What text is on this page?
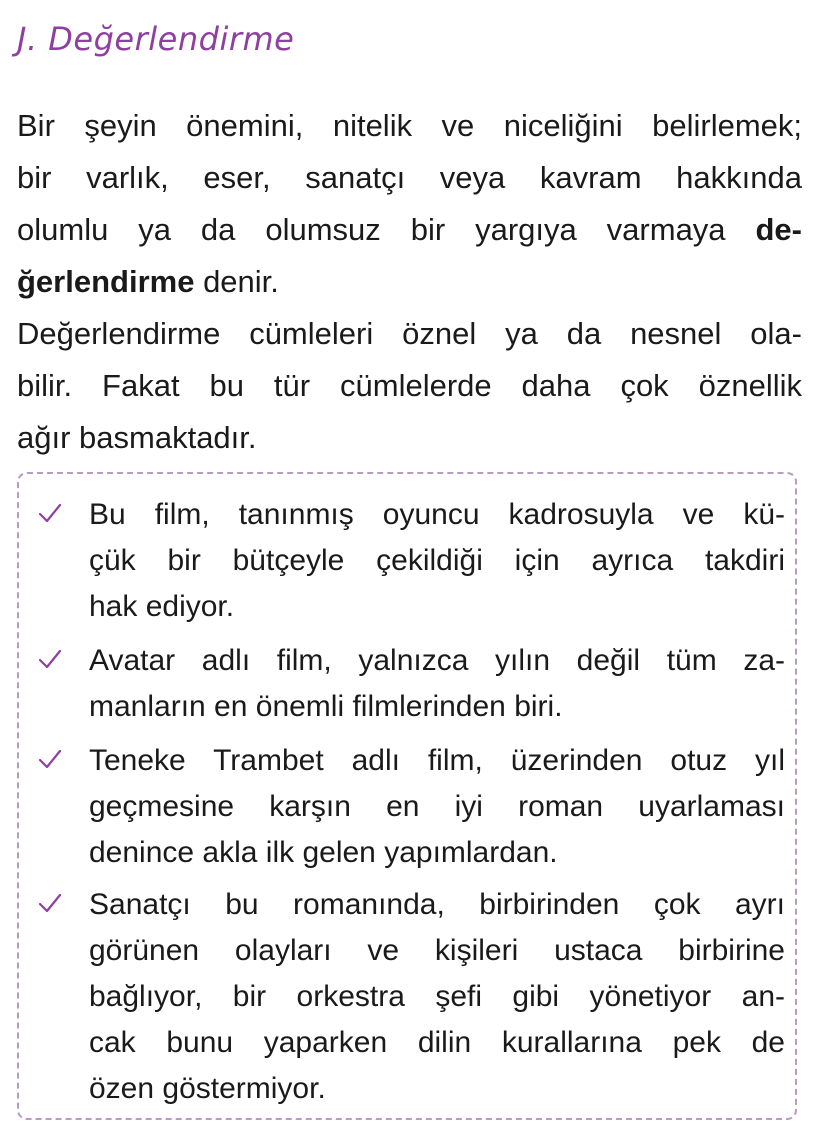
J. Değerlendirme

Bir şeyin önemini, nitelik ve niceliğini belirlemek;
bir varlık, eser, sanatçı veya kavram hakkında
olumlu ya da olumsuz bir yargıya varmaya de-
ğerlendirme denir.

Değerlendirme cümleleri öznel ya da nesnel ola-
bilir. Fakat bu tür cümlelerde daha çok öznellik
ağır basmaktadır.

Bu film, tanınmış oyuncu kadrosuyla ve kü-
çük bir bütçeyle çekildiği için ayrıca takdiri
hak ediyor.

Avatar adlı film, yalnızca yılın değil tüm za-
manların en önemli filmlerinden biri.

Teneke Trambet adlı film, üzerinden otuz yıl
geçmesine karşın en iyi roman uyarlaması
denince akla ilk gelen yapımlardan.

Sanatçı bu romanında, birbirinden çok ayrı
görünen olayları ve kişileri ustaca birbirine
bağlıyor, bir orkestra şefi gibi yönetiyor an-
cak bunu yaparken dilin kurallarına pek de
özen göstermiyor.
